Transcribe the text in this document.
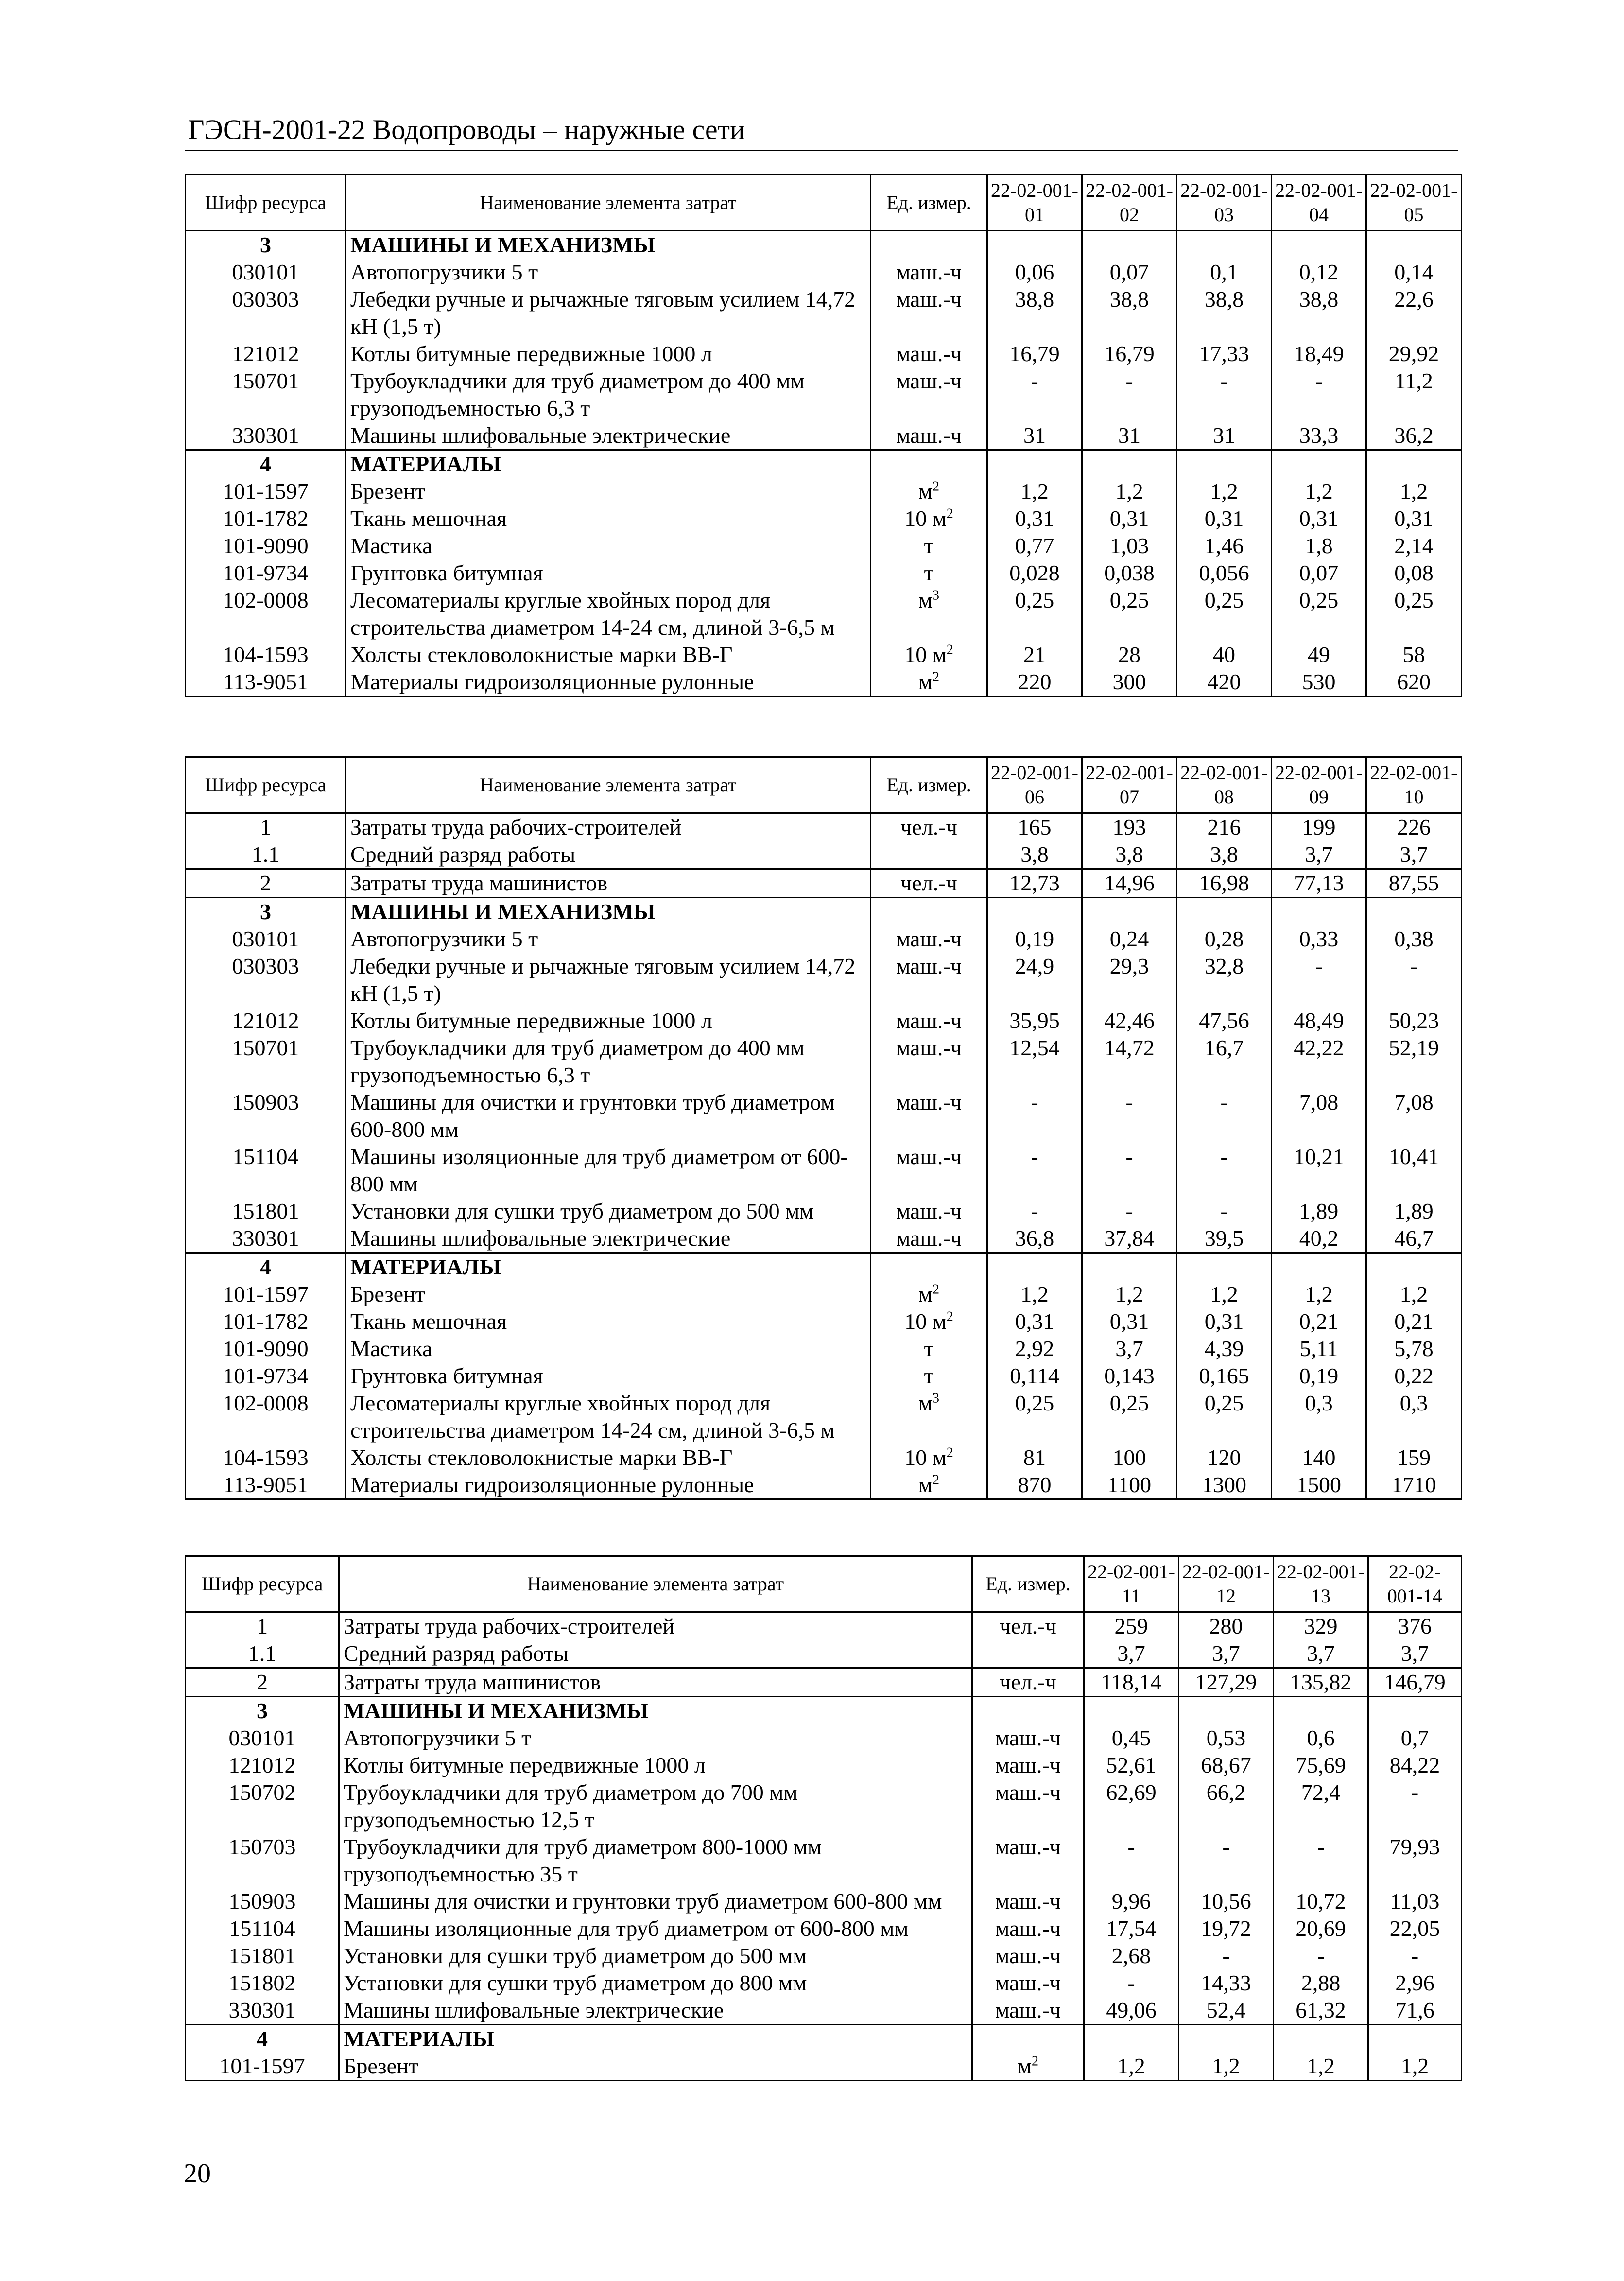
ГЭСН-2001-22 Водопроводы – наружные сети
Шифр ресурса	Наименование элемента затрат	Ед. измер.	22-02-001-01	22-02-001-02	22-02-001-03	22-02-001-04	22-02-001-05
3	МАШИНЫ И МЕХАНИЗМЫ						
030101	Автопогрузчики 5 т	маш.-ч	0,06	0,07	0,1	0,12	0,14
030303	Лебедки ручные и рычажные тяговым усилием 14,72 кН (1,5 т)	маш.-ч	38,8	38,8	38,8	38,8	22,6
121012	Котлы битумные передвижные 1000 л	маш.-ч	16,79	16,79	17,33	18,49	29,92
150701	Трубоукладчики для труб диаметром до 400 мм грузоподъемностью 6,3 т	маш.-ч	-	-	-	-	11,2
330301	Машины шлифовальные электрические	маш.-ч	31	31	31	33,3	36,2
4	МАТЕРИАЛЫ						
101-1597	Брезент	$м^2$	1,2	1,2	1,2	1,2	1,2
101-1782	Ткань мешочная	10 $м^2$	0,31	0,31	0,31	0,31	0,31
101-9090	Мастика	т	0,77	1,03	1,46	1,8	2,14
101-9734	Грунтовка битумная	т	0,028	0,038	0,056	0,07	0,08
102-0008	Лесоматериалы круглые хвойных пород для строительства диаметром 14-24 см, длиной 3-6,5 м	$м^3$	0,25	0,25	0,25	0,25	0,25
104-1593	Холсты стекловолокнистые марки ВВ-Г	10 $м^2$	21	28	40	49	58
113-9051	Материалы гидроизоляционные рулонные	$м^2$	220	300	420	530	620
Шифр ресурса	Наименование элемента затрат	Ед. измер.	22-02-001-06	22-02-001-07	22-02-001-08	22-02-001-09	22-02-001-10
1	Затраты труда рабочих-строителей	чел.-ч	165	193	216	199	226
1.1	Средний разряд работы		3,8	3,8	3,8	3,7	3,7
2	Затраты труда машинистов	чел.-ч	12,73	14,96	16,98	77,13	87,55
3	МАШИНЫ И МЕХАНИЗМЫ						
030101	Автопогрузчики 5 т	маш.-ч	0,19	0,24	0,28	0,33	0,38
030303	Лебедки ручные и рычажные тяговым усилием 14,72 кН (1,5 т)	маш.-ч	24,9	29,3	32,8	-	-
121012	Котлы битумные передвижные 1000 л	маш.-ч	35,95	42,46	47,56	48,49	50,23
150701	Трубоукладчики для труб диаметром до 400 мм грузоподъемностью 6,3 т	маш.-ч	12,54	14,72	16,7	42,22	52,19
150903	Машины для очистки и грунтовки труб диаметром 600-800 мм	маш.-ч	-	-	-	7,08	7,08
151104	Машины изоляционные для труб диаметром от 600-800 мм	маш.-ч	-	-	-	10,21	10,41
151801	Установки для сушки труб диаметром до 500 мм	маш.-ч	-	-	-	1,89	1,89
330301	Машины шлифовальные электрические	маш.-ч	36,8	37,84	39,5	40,2	46,7
4	МАТЕРИАЛЫ						
101-1597	Брезент	$м^2$	1,2	1,2	1,2	1,2	1,2
101-1782	Ткань мешочная	10 $м^2$	0,31	0,31	0,31	0,21	0,21
101-9090	Мастика	т	2,92	3,7	4,39	5,11	5,78
101-9734	Грунтовка битумная	т	0,114	0,143	0,165	0,19	0,22
102-0008	Лесоматериалы круглые хвойных пород для строительства диаметром 14-24 см, длиной 3-6,5 м	$м^3$	0,25	0,25	0,25	0,3	0,3
104-1593	Холсты стекловолокнистые марки ВВ-Г	10 $м^2$	81	100	120	140	159
113-9051	Материалы гидроизоляционные рулонные	$м^2$	870	1100	1300	1500	1710
Шифр ресурса	Наименование элемента затрат	Ед. измер.	22-02-001-11	22-02-001-12	22-02-001-13	22-02-001-14
1	Затраты труда рабочих-строителей	чел.-ч	259	280	329	376
1.1	Средний разряд работы		3,7	3,7	3,7	3,7
2	Затраты труда машинистов	чел.-ч	118,14	127,29	135,82	146,79
3	МАШИНЫ И МЕХАНИЗМЫ					
030101	Автопогрузчики 5 т	маш.-ч	0,45	0,53	0,6	0,7
121012	Котлы битумные передвижные 1000 л	маш.-ч	52,61	68,67	75,69	84,22
150702	Трубоукладчики для труб диаметром до 700 мм грузоподъемностью 12,5 т	маш.-ч	62,69	66,2	72,4	-
150703	Трубоукладчики для труб диаметром 800-1000 мм грузоподъемностью 35 т	маш.-ч	-	-	-	79,93
150903	Машины для очистки и грунтовки труб диаметром 600-800 мм	маш.-ч	9,96	10,56	10,72	11,03
151104	Машины изоляционные для труб диаметром от 600-800 мм	маш.-ч	17,54	19,72	20,69	22,05
151801	Установки для сушки труб диаметром до 500 мм	маш.-ч	2,68	-	-	-
151802	Установки для сушки труб диаметром до 800 мм	маш.-ч	-	14,33	2,88	2,96
330301	Машины шлифовальные электрические	маш.-ч	49,06	52,4	61,32	71,6
4	МАТЕРИАЛЫ					
101-1597	Брезент	$м^2$	1,2	1,2	1,2	1,2
20
